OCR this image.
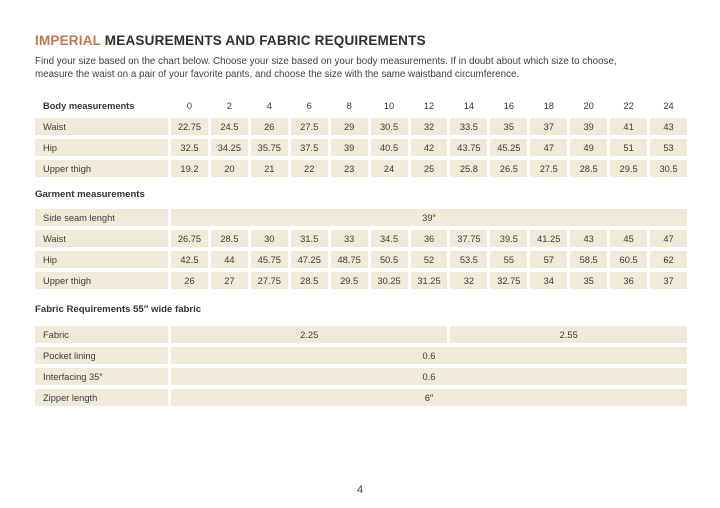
IMPERIAL MEASUREMENTS AND FABRIC REQUIREMENTS
Find your size based on the chart below. Choose your size based on your body measurements. If in doubt about which size to choose,
measure the waist on a pair of your favorite pants, and choose the size with the same waistband circumference.
Body measurements	0	2	4	6	8	10	12	14	16	18	20	22	24
Waist	22.75	24.5	26	27.5	29	30.5	32	33.5	35	37	39	41	43
Hip	32.5	34.25	35.75	37.5	39	40.5	42	43.75	45.25	47	49	51	53
Upper thigh	19.2	20	21	22	23	24	25	25.8	26.5	27.5	28.5	29.5	30.5
Garment measurements
Side seam lenght	39″
Waist	26.75	28.5	30	31.5	33	34.5	36	37.75	39.5	41.25	43	45	47
Hip	42.5	44	45.75	47.25	48.75	50.5	52	53.5	55	57	58.5	60.5	62
Upper thigh	26	27	27.75	28.5	29.5	30.25	31.25	32	32.75	34	35	36	37
Fabric Requirements 55″ wide fabric
Fabric	2.25	2.55
Pocket lining	0.6
Interfacing 35″	0.6
Zipper length	6″
4
